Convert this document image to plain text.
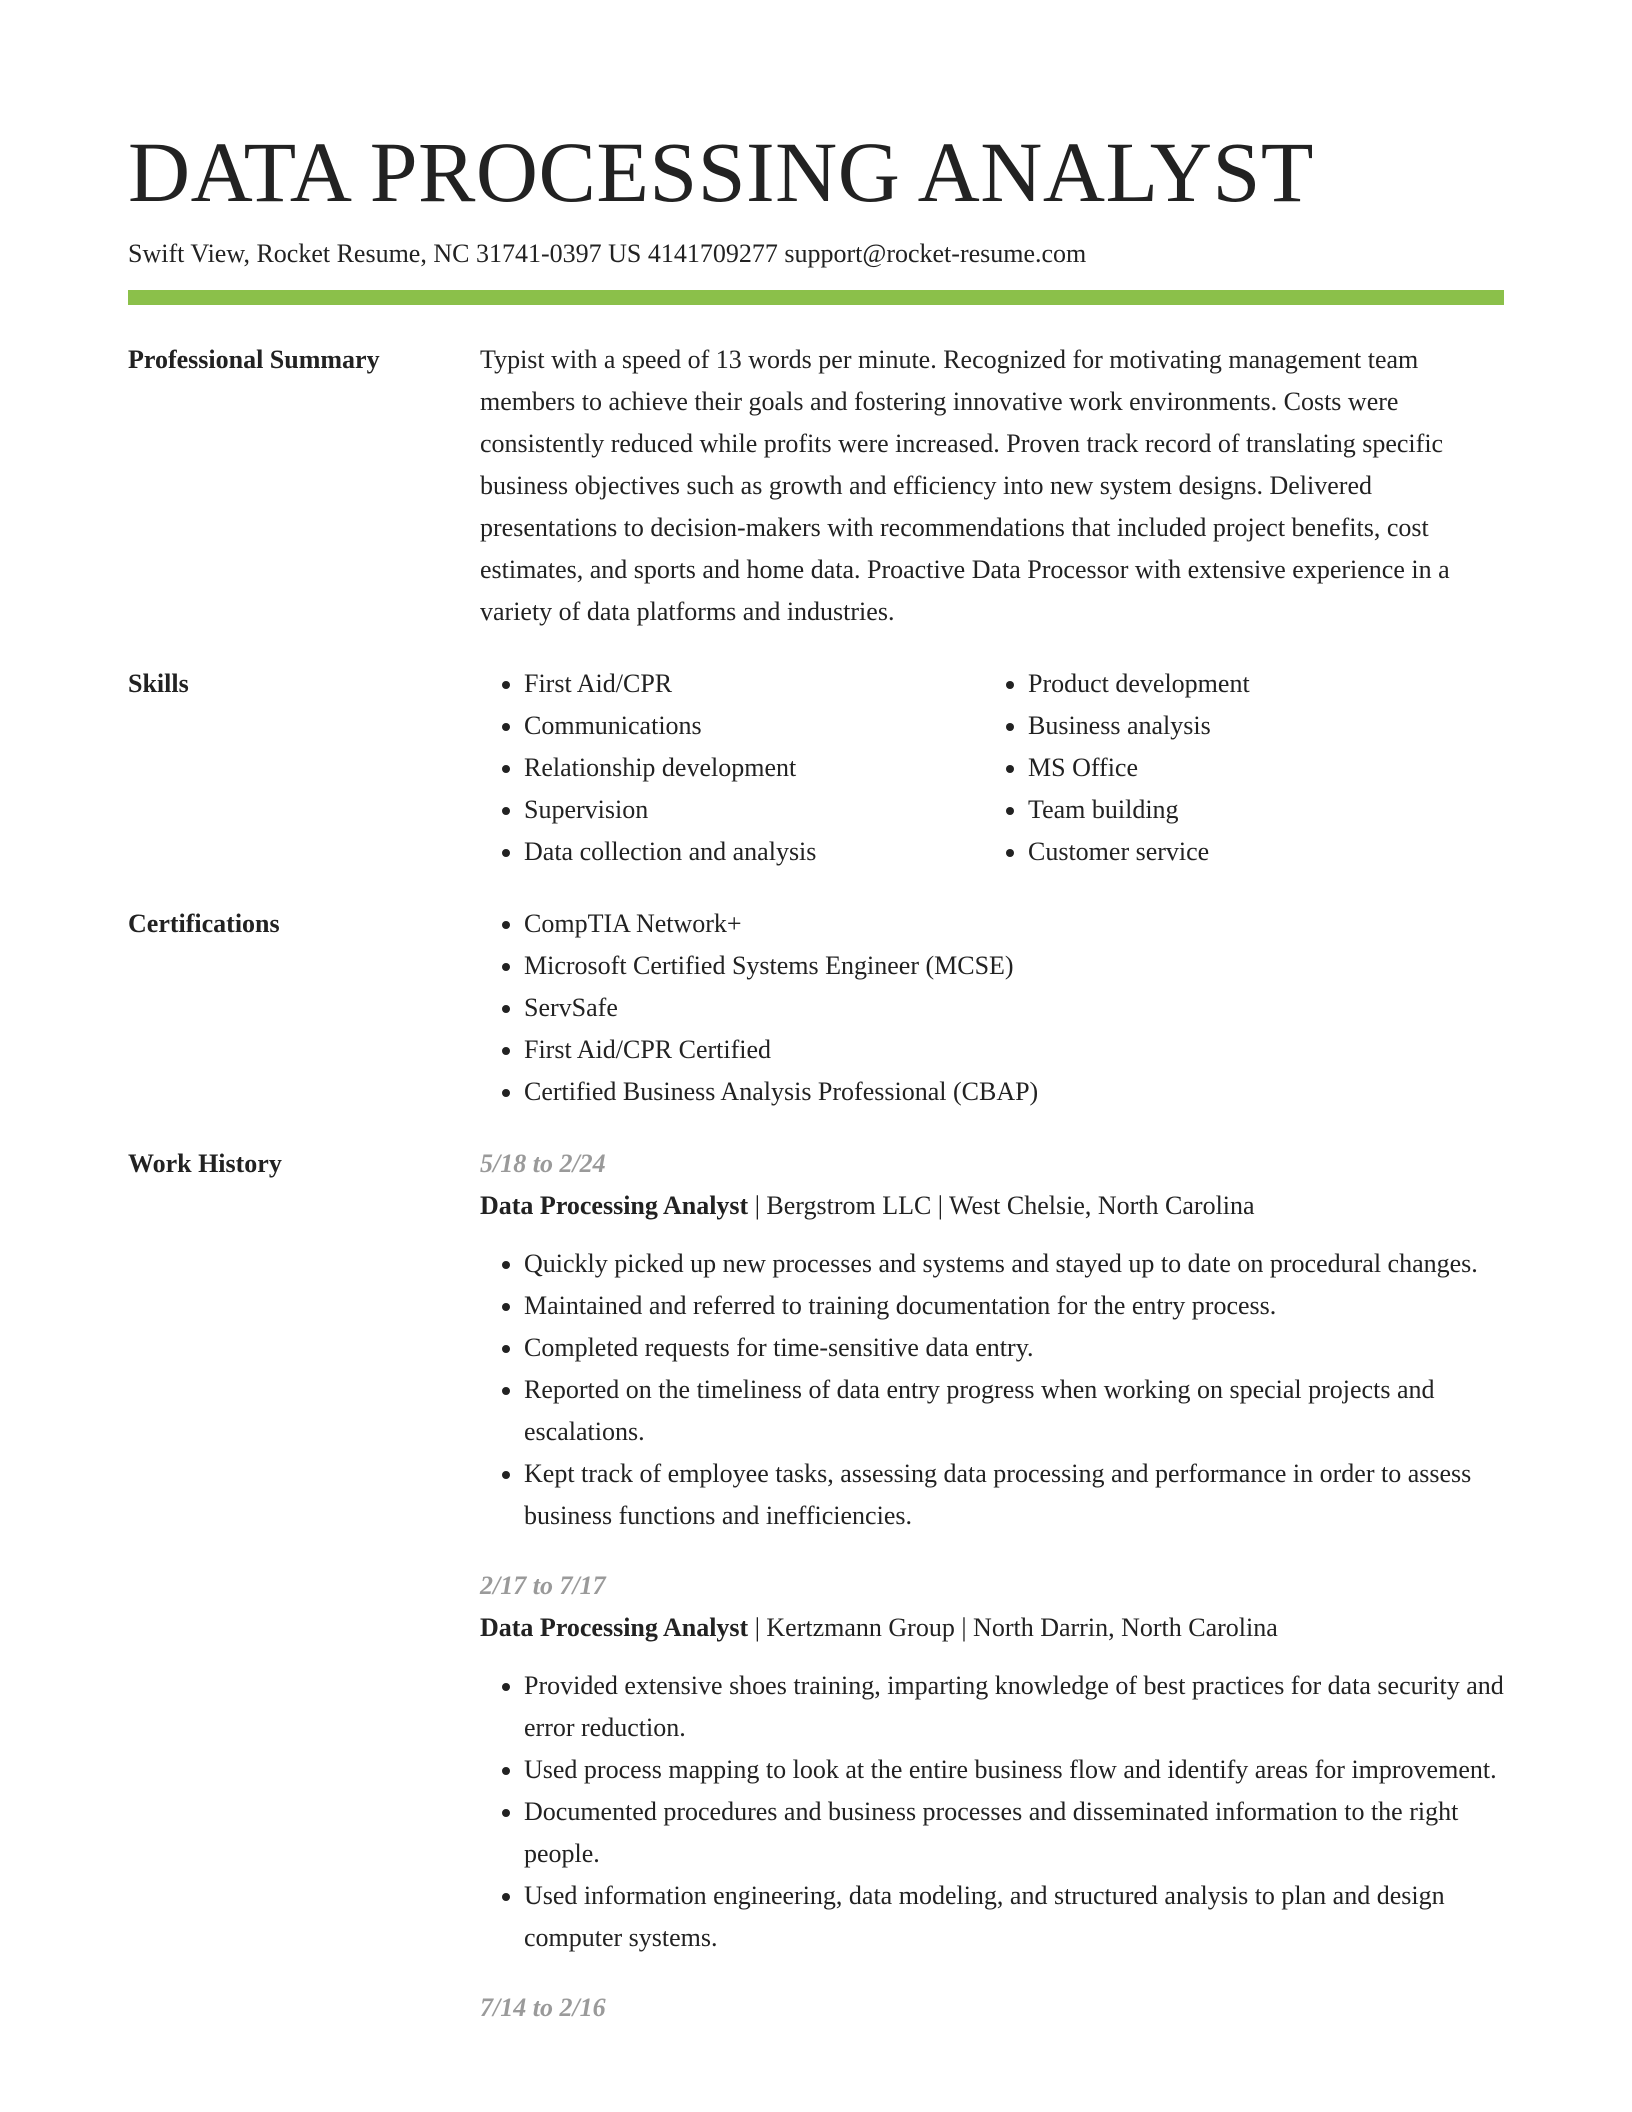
DATA PROCESSING ANALYST
Swift View, Rocket Resume, NC 31741-0397 US 4141709277 support@rocket-resume.com
Professional Summary	Typist with a speed of 13 words per minute. Recognized for motivating management team members to achieve their goals and fostering innovative work environments. Costs were consistently reduced while profits were increased. Proven track record of translating specific business objectives such as growth and efficiency into new system designs. Delivered presentations to decision-makers with recommendations that included project benefits, cost estimates, and sports and home data. Proactive Data Processor with extensive experience in a variety of data platforms and industries.

Skills	• First Aid/CPR
• Communications
• Relationship development
• Supervision
• Data collection and analysis
• Product development
• Business analysis
• MS Office
• Team building
• Customer service
Certifications	• CompTIA Network+
• Microsoft Certified Systems Engineer (MCSE)
• ServSafe
• First Aid/CPR Certified
• Certified Business Analysis Professional (CBAP)
Work History	5/18 to 2/24
Data Processing Analyst | Bergstrom LLC | West Chelsie, North Carolina
• Quickly picked up new processes and systems and stayed up to date on procedural changes.
• Maintained and referred to training documentation for the entry process.
• Completed requests for time-sensitive data entry.
• Reported on the timeliness of data entry progress when working on special projects and escalations.
• Kept track of employee tasks, assessing data processing and performance in order to assess business functions and inefficiencies.
2/17 to 7/17
Data Processing Analyst | Kertzmann Group | North Darrin, North Carolina
• Provided extensive shoes training, imparting knowledge of best practices for data security and error reduction.
• Used process mapping to look at the entire business flow and identify areas for improvement.
• Documented procedures and business processes and disseminated information to the right people.
• Used information engineering, data modeling, and structured analysis to plan and design computer systems.
7/14 to 2/16
